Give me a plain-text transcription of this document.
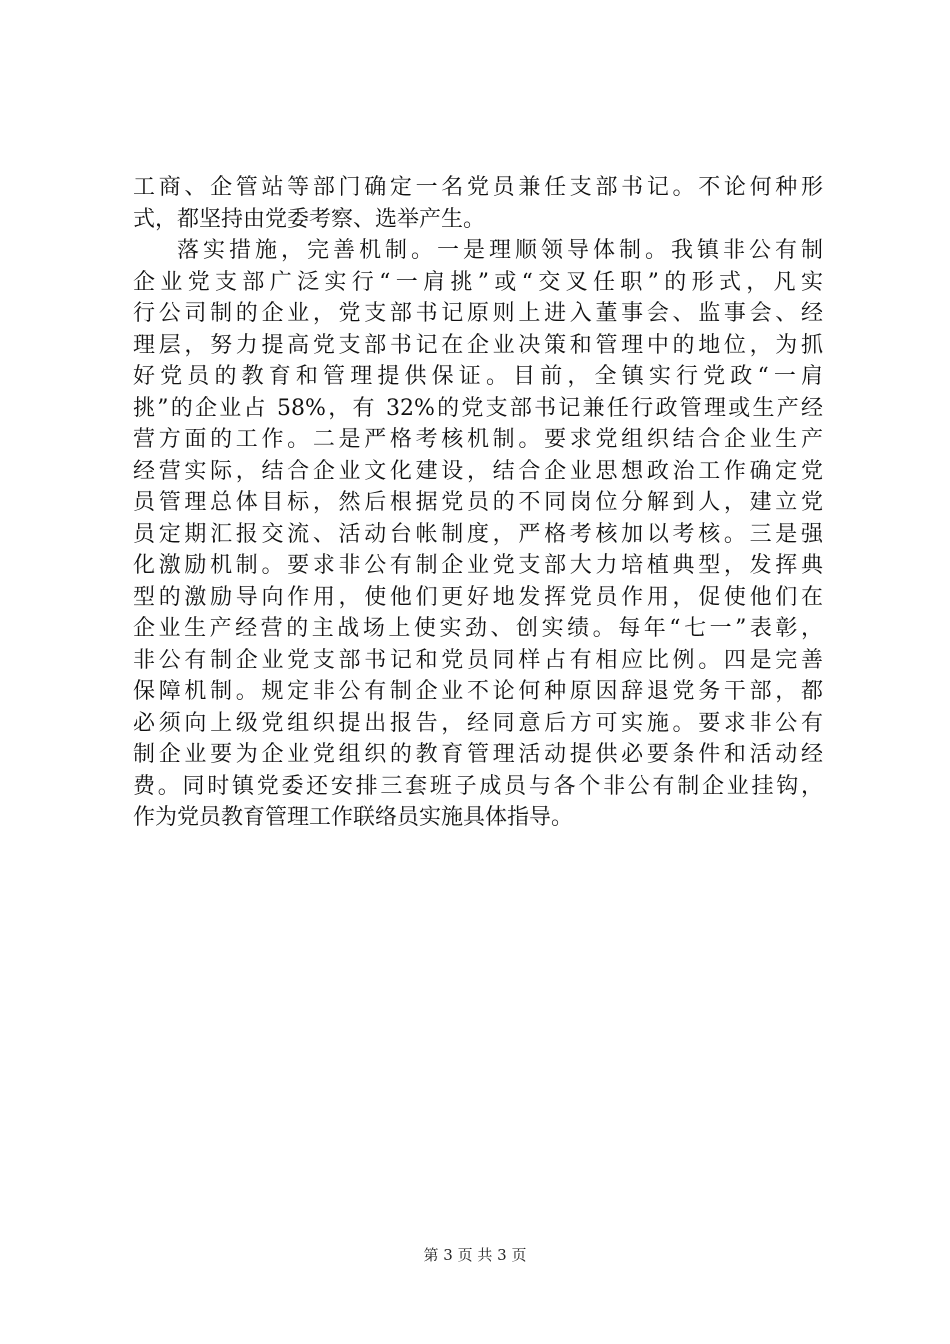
工商、企管站等部门确定一名党员兼任支部书记。不论何种形
式，都坚持由党委考察、选举产生。
落实措施，完善机制。一是理顺领导体制。我镇非公有制
企业党支部广泛实行“一肩挑”或“交叉任职”的形式，凡实
行公司制的企业，党支部书记原则上进入董事会、监事会、经
理层，努力提高党支部书记在企业决策和管理中的地位，为抓
好党员的教育和管理提供保证。目前，全镇实行党政“一肩
挑”的企业占 58%，有 32%的党支部书记兼任行政管理或生产经
营方面的工作。二是严格考核机制。要求党组织结合企业生产
经营实际，结合企业文化建设，结合企业思想政治工作确定党
员管理总体目标，然后根据党员的不同岗位分解到人，建立党
员定期汇报交流、活动台帐制度，严格考核加以考核。三是强
化激励机制。要求非公有制企业党支部大力培植典型，发挥典
型的激励导向作用，使他们更好地发挥党员作用，促使他们在
企业生产经营的主战场上使实劲、创实绩。每年“七一”表彰，
非公有制企业党支部书记和党员同样占有相应比例。四是完善
保障机制。规定非公有制企业不论何种原因辞退党务干部，都
必须向上级党组织提出报告，经同意后方可实施。要求非公有
制企业要为企业党组织的教育管理活动提供必要条件和活动经
费。同时镇党委还安排三套班子成员与各个非公有制企业挂钩，
作为党员教育管理工作联络员实施具体指导。
第 3 页 共 3 页
